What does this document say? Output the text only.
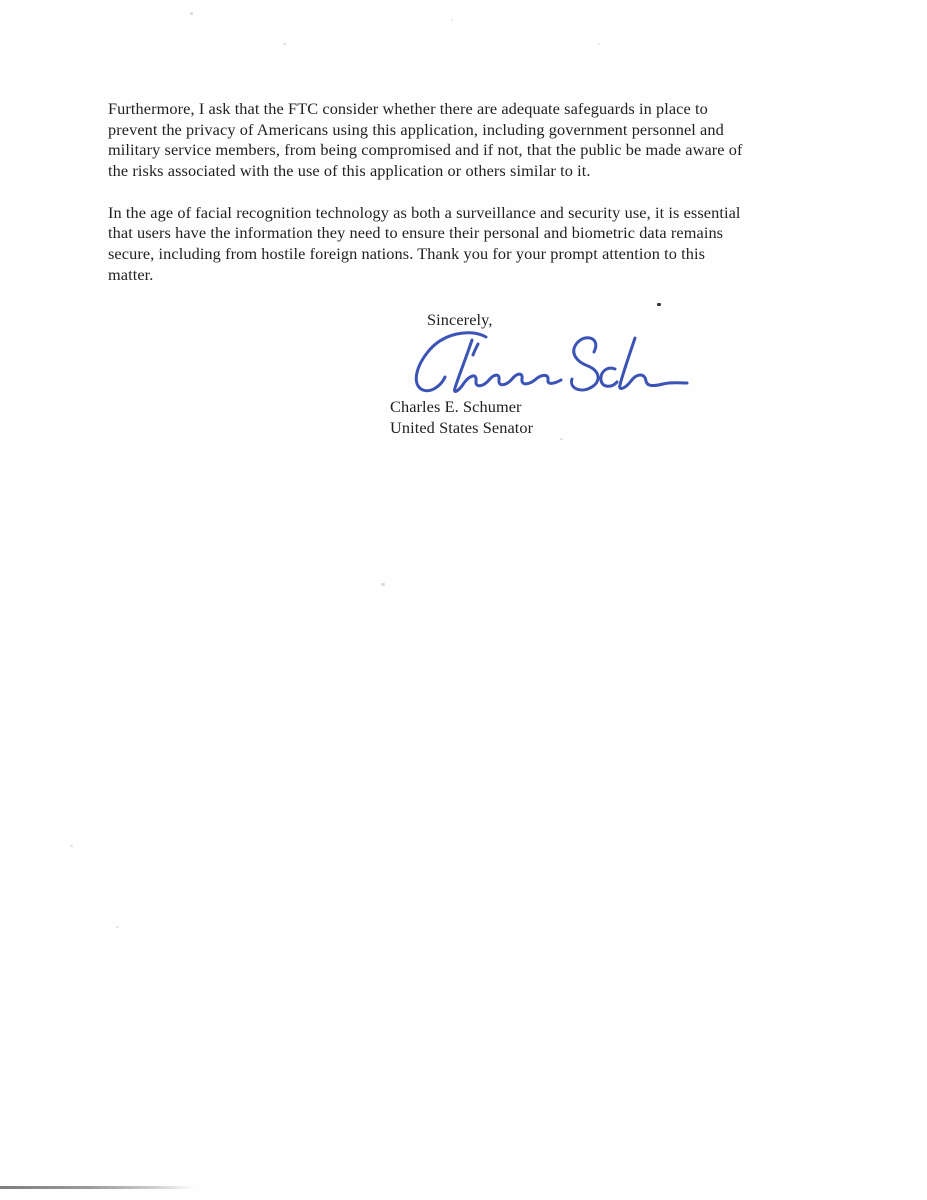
Furthermore, I ask that the FTC consider whether there are adequate safeguards in place to
prevent the privacy of Americans using this application, including government personnel and
military service members, from being compromised and if not, that the public be made aware of
the risks associated with the use of this application or others similar to it.
In the age of facial recognition technology as both a surveillance and security use, it is essential
that users have the information they need to ensure their personal and biometric data remains
secure, including from hostile foreign nations. Thank you for your prompt attention to this
matter.
Sincerely,
Charles E. Schumer
United States Senator
